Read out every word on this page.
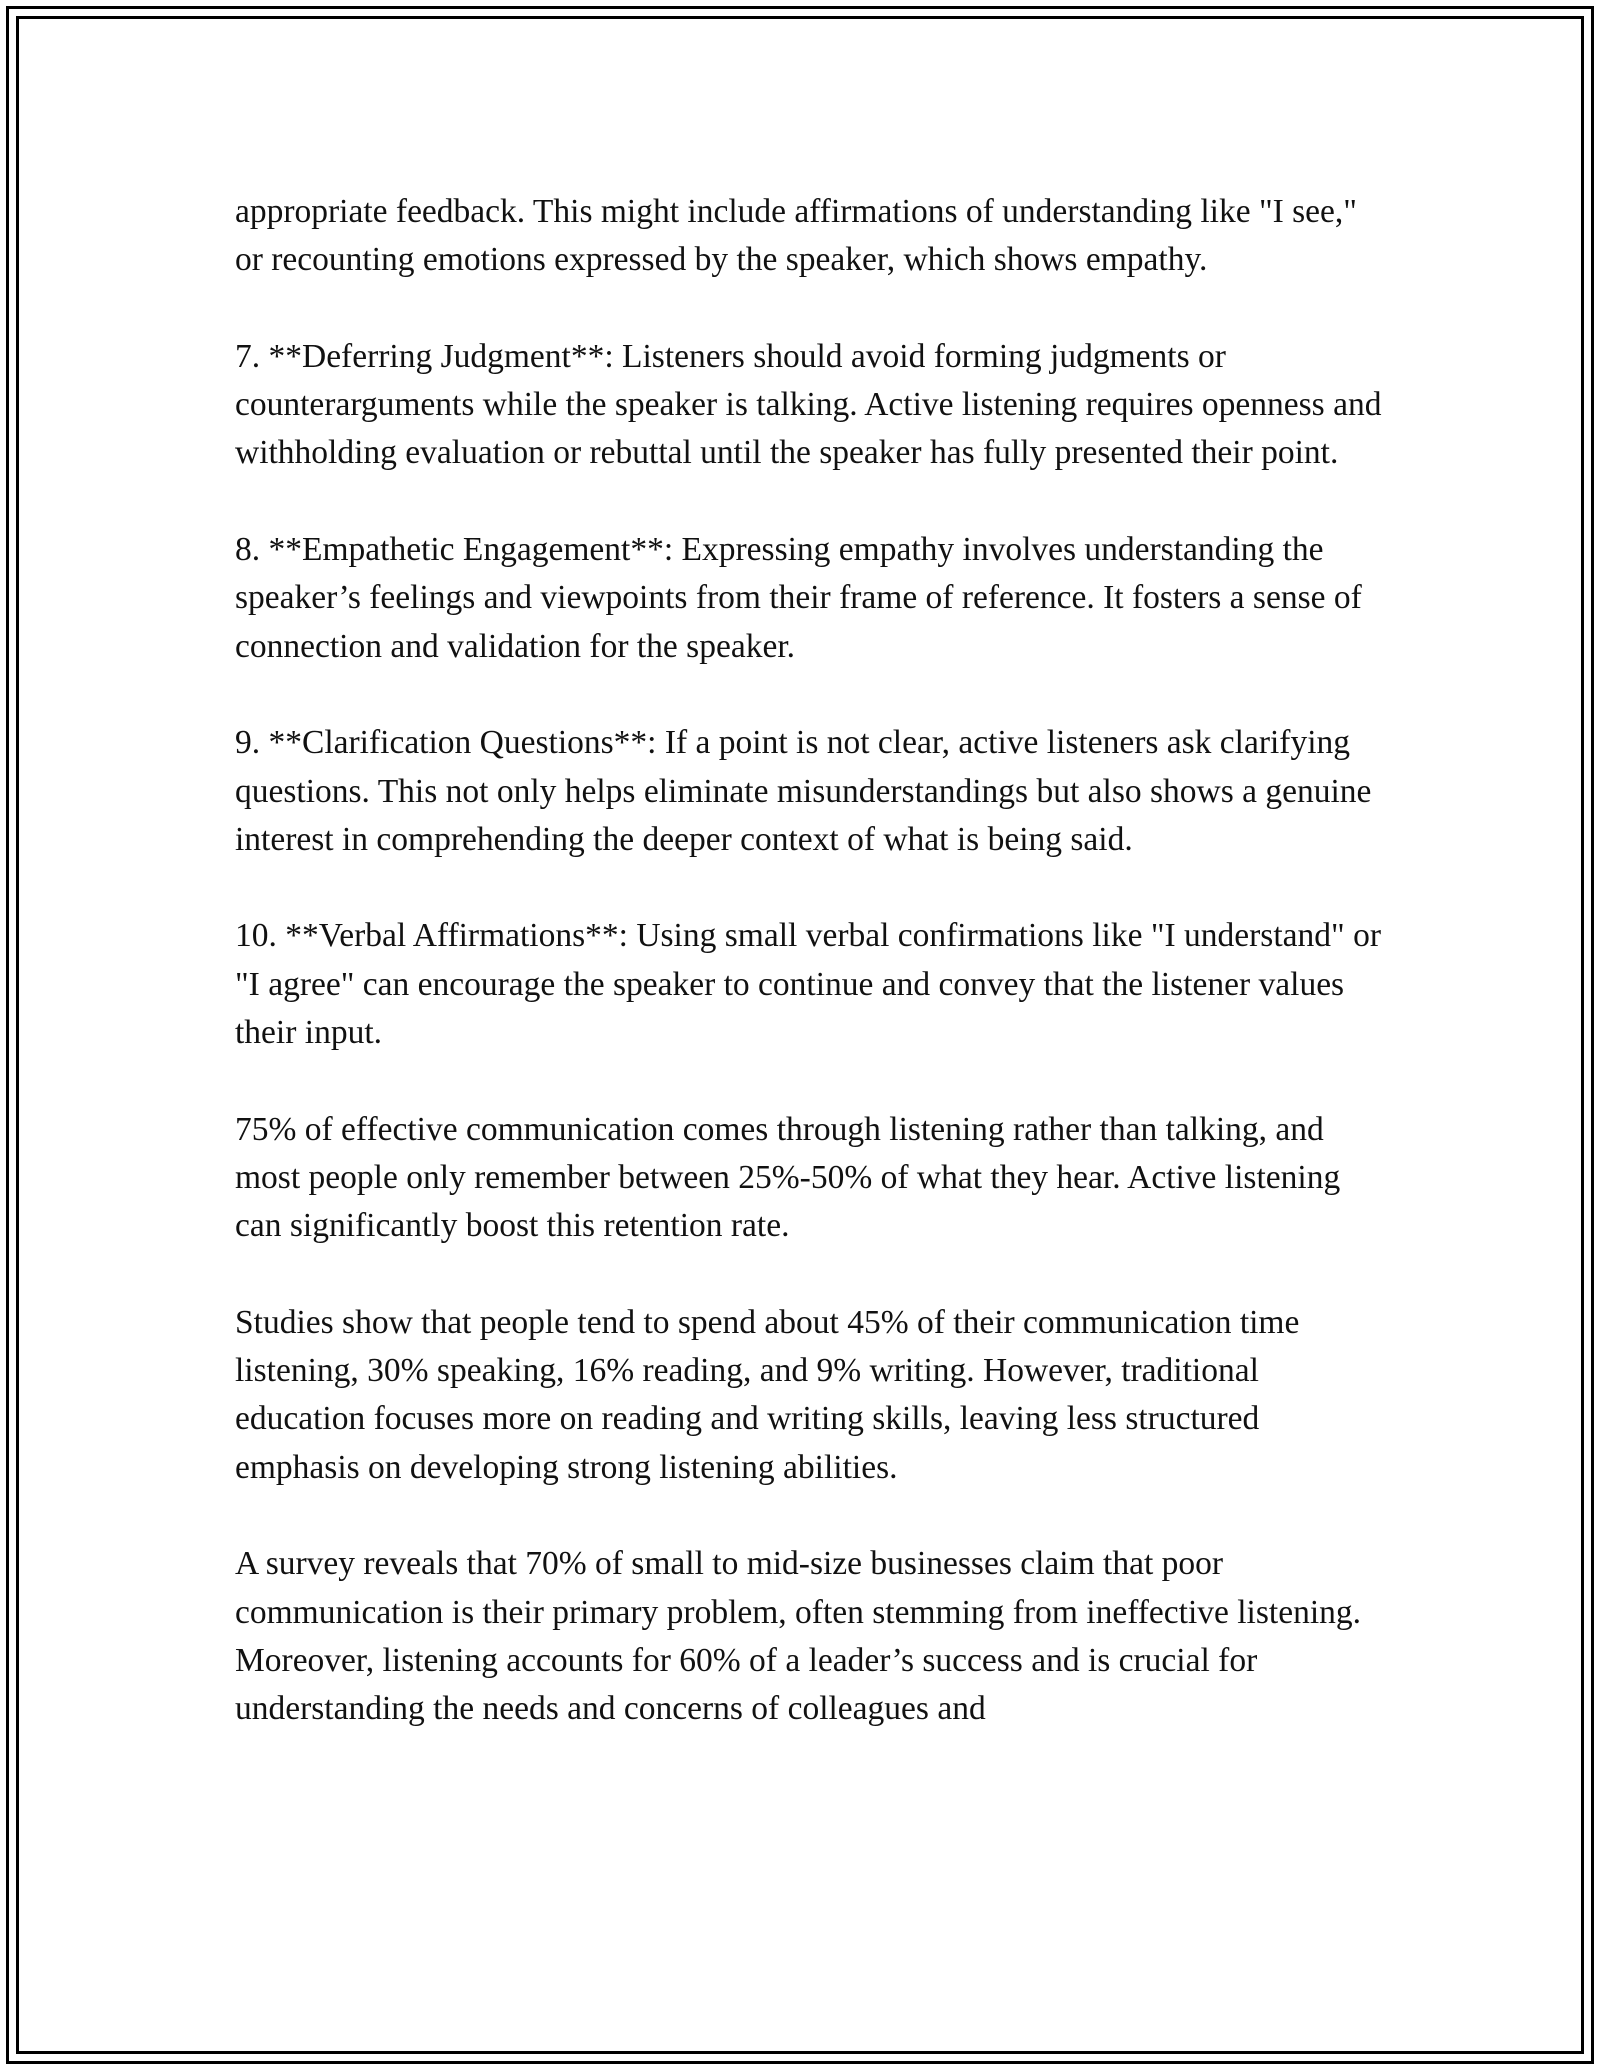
appropriate feedback. This might include affirmations of understanding like "I see," or recounting emotions expressed by the speaker, which shows empathy.

7. **Deferring Judgment**: Listeners should avoid forming judgments or counterarguments while the speaker is talking. Active listening requires openness and withholding evaluation or rebuttal until the speaker has fully presented their point.

8. **Empathetic Engagement**: Expressing empathy involves understanding the speaker’s feelings and viewpoints from their frame of reference. It fosters a sense of connection and validation for the speaker.

9. **Clarification Questions**: If a point is not clear, active listeners ask clarifying questions. This not only helps eliminate misunderstandings but also shows a genuine interest in comprehending the deeper context of what is being said.

10. **Verbal Affirmations**: Using small verbal confirmations like "I understand" or "I agree" can encourage the speaker to continue and convey that the listener values their input.

75% of effective communication comes through listening rather than talking, and most people only remember between 25%-50% of what they hear. Active listening can significantly boost this retention rate.

Studies show that people tend to spend about 45% of their communication time listening, 30% speaking, 16% reading, and 9% writing. However, traditional education focuses more on reading and writing skills, leaving less structured emphasis on developing strong listening abilities.

A survey reveals that 70% of small to mid-size businesses claim that poor communication is their primary problem, often stemming from ineffective listening. Moreover, listening accounts for 60% of a leader’s success and is crucial for understanding the needs and concerns of colleagues and
